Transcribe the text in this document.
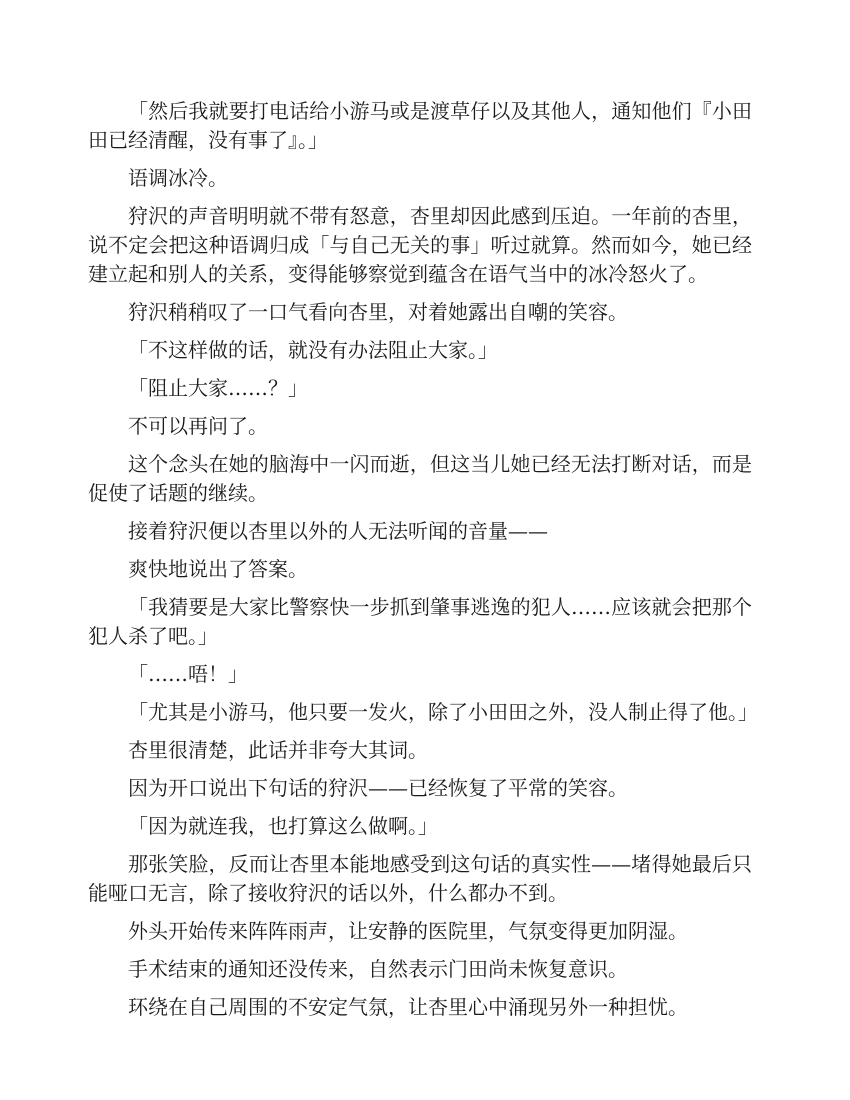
「然后我就要打电话给小游马或是渡草仔以及其他人，通知他们『小田田已经清醒，没有事了』。」

语调冰冷。

狩沢的声音明明就不带有怒意，杏里却因此感到压迫。一年前的杏里，说不定会把这种语调归成「与自己无关的事」听过就算。然而如今，她已经建立起和别人的关系，变得能够察觉到蕴含在语气当中的冰冷怒火了。

狩沢稍稍叹了一口气看向杏里，对着她露出自嘲的笑容。

「不这样做的话，就没有办法阻止大家。」

「阻止大家……？」

不可以再问了。

这个念头在她的脑海中一闪而逝，但这当儿她已经无法打断对话，而是促使了话题的继续。

接着狩沢便以杏里以外的人无法听闻的音量——

爽快地说出了答案。

「我猜要是大家比警察快一步抓到肇事逃逸的犯人……应该就会把那个犯人杀了吧。」

「……唔！」

「尤其是小游马，他只要一发火，除了小田田之外，没人制止得了他。」

杏里很清楚，此话并非夸大其词。

因为开口说出下句话的狩沢——已经恢复了平常的笑容。

「因为就连我，也打算这么做啊。」

那张笑脸，反而让杏里本能地感受到这句话的真实性——堵得她最后只能哑口无言，除了接收狩沢的话以外，什么都办不到。

外头开始传来阵阵雨声，让安静的医院里，气氛变得更加阴湿。

手术结束的通知还没传来，自然表示门田尚未恢复意识。

环绕在自己周围的不安定气氛，让杏里心中涌现另外一种担忧。
